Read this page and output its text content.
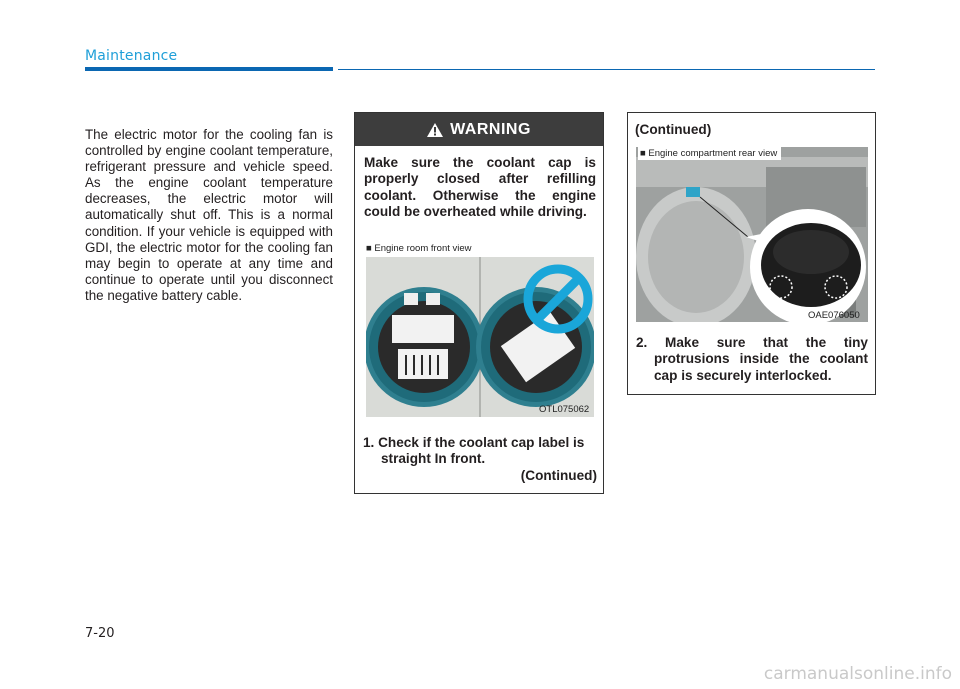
Maintenance
The electric motor for the cooling fan is controlled by engine coolant temperature, refrigerant pressure and vehicle speed. As the engine coolant temperature decreases, the electric motor will automatically shut off. This is a normal condition. If your vehicle is equipped with GDI, the electric motor for the cooling fan may begin to operate at any time and continue to operate until you disconnect the negative battery cable.
WARNING
Make sure the coolant cap is properly closed after refilling coolant. Otherwise the engine could be overheated while driving.
■ Engine room front view
OTL075062
1. Check if the coolant cap label is straight In front.
(Continued)
(Continued)
■ Engine compartment rear view
OAE076050
2. Make sure that the tiny protrusions inside the coolant cap is securely interlocked.
7-20
carmanualsonline.info
